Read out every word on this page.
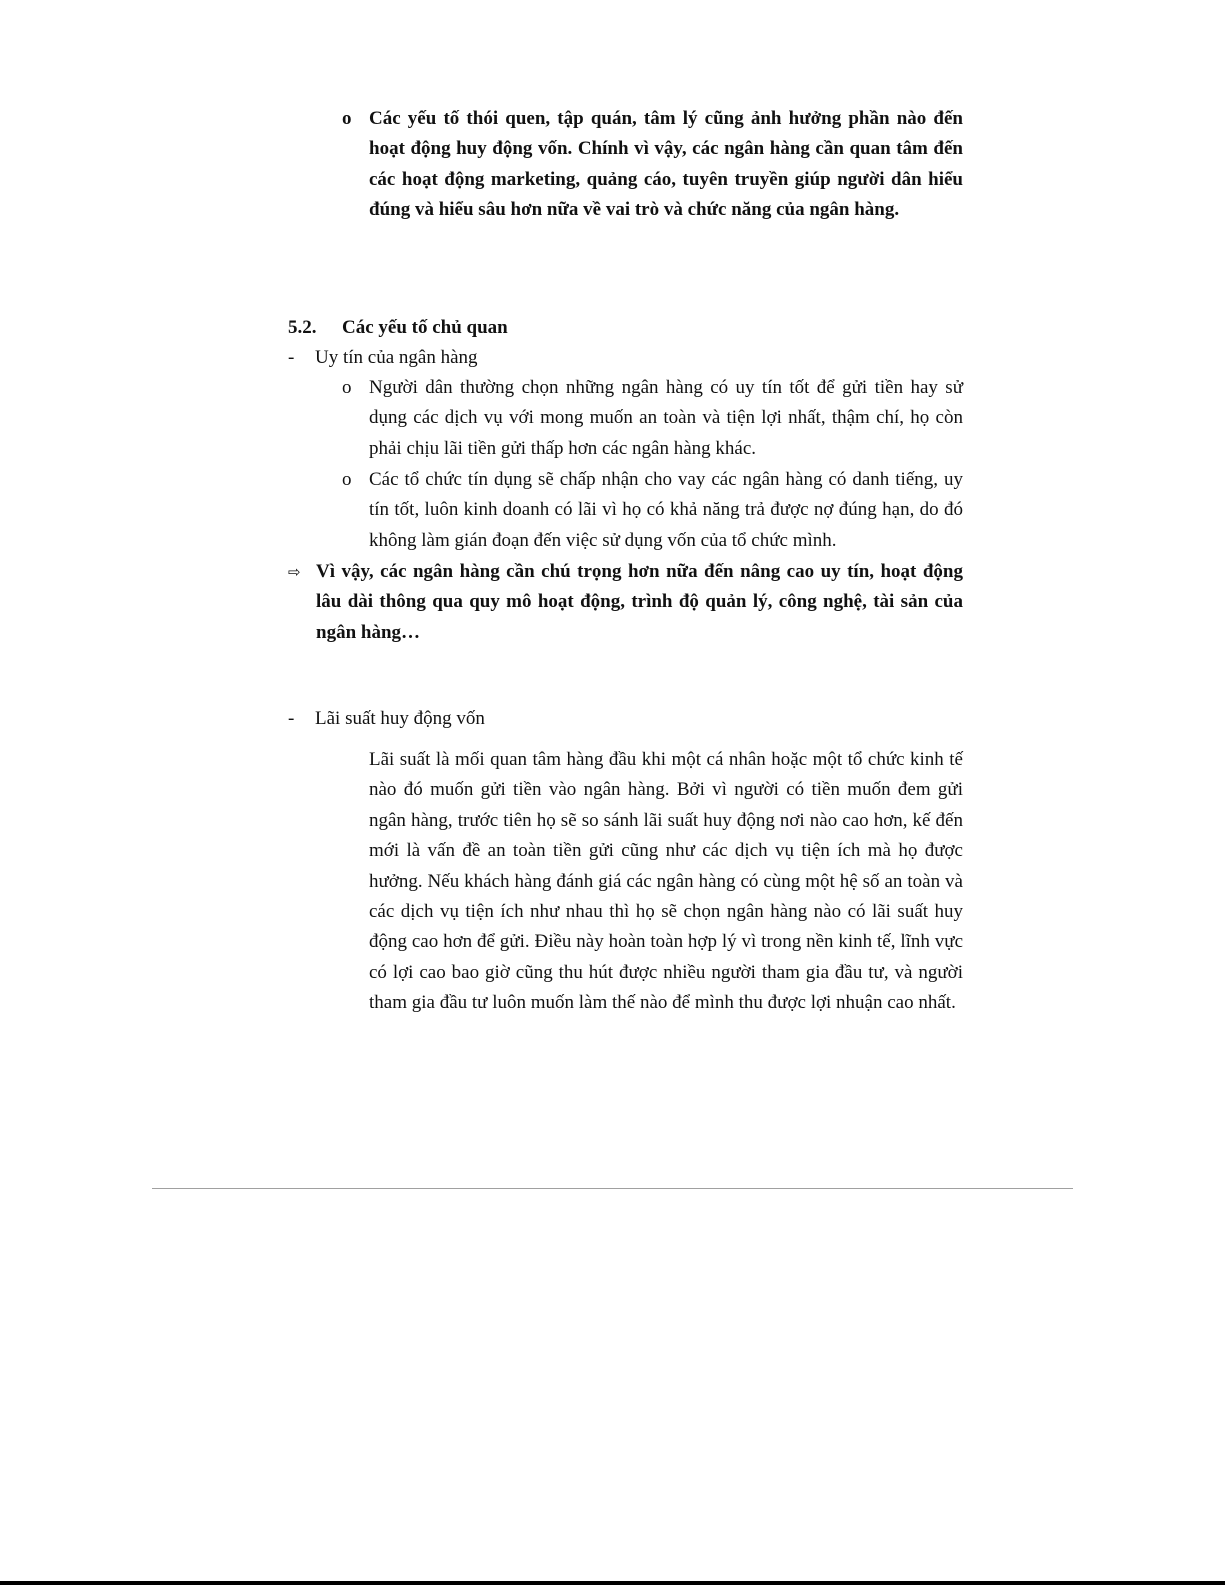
o Các yếu tố thói quen, tập quán, tâm lý cũng ảnh hưởng phần nào đến hoạt động huy động vốn. Chính vì vậy, các ngân hàng cần quan tâm đến các hoạt động marketing, quảng cáo, tuyên truyền giúp người dân hiểu đúng và hiểu sâu hơn nữa về vai trò và chức năng của ngân hàng.
5.2. Các yếu tố chủ quan
- Uy tín của ngân hàng
o Người dân thường chọn những ngân hàng có uy tín tốt để gửi tiền hay sử dụng các dịch vụ với mong muốn an toàn và tiện lợi nhất, thậm chí, họ còn phải chịu lãi tiền gửi thấp hơn các ngân hàng khác.
o Các tổ chức tín dụng sẽ chấp nhận cho vay các ngân hàng có danh tiếng, uy tín tốt, luôn kinh doanh có lãi vì họ có khả năng trả được nợ đúng hạn, do đó không làm gián đoạn đến việc sử dụng vốn của tổ chức mình.
⇨ Vì vậy, các ngân hàng cần chú trọng hơn nữa đến nâng cao uy tín, hoạt động lâu dài thông qua quy mô hoạt động, trình độ quản lý, công nghệ, tài sản của ngân hàng…
- Lãi suất huy động vốn
Lãi suất là mối quan tâm hàng đầu khi một cá nhân hoặc một tổ chức kinh tế nào đó muốn gửi tiền vào ngân hàng. Bởi vì người có tiền muốn đem gửi ngân hàng, trước tiên họ sẽ so sánh lãi suất huy động nơi nào cao hơn, kế đến mới là vấn đề an toàn tiền gửi cũng như các dịch vụ tiện ích mà họ được hưởng. Nếu khách hàng đánh giá các ngân hàng có cùng một hệ số an toàn và các dịch vụ tiện ích như nhau thì họ sẽ chọn ngân hàng nào có lãi suất huy động cao hơn để gửi. Điều này hoàn toàn hợp lý vì trong nền kinh tế, lĩnh vực có lợi cao bao giờ cũng thu hút được nhiều người tham gia đầu tư, và người tham gia đầu tư luôn muốn làm thế nào để mình thu được lợi nhuận cao nhất.
